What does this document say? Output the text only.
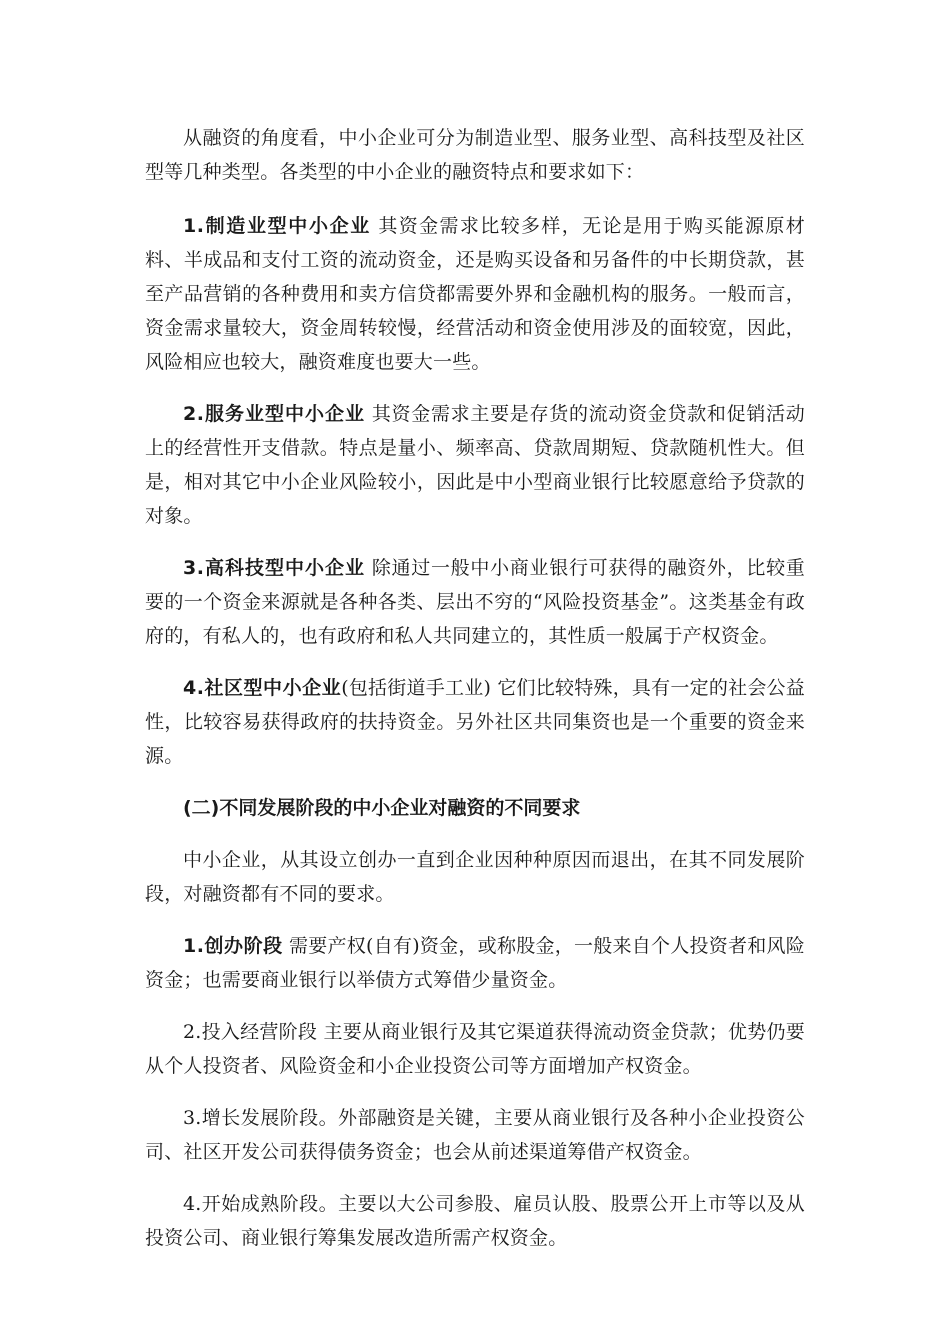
从融资的角度看，中小企业可分为制造业型、服务业型、高科技型及社区型等几种类型。各类型的中小企业的融资特点和要求如下：

1.制造业型中小企业 其资金需求比较多样，无论是用于购买能源原材料、半成品和支付工资的流动资金，还是购买设备和另备件的中长期贷款，甚至产品营销的各种费用和卖方信贷都需要外界和金融机构的服务。一般而言，资金需求量较大，资金周转较慢，经营活动和资金使用涉及的面较宽，因此，风险相应也较大，融资难度也要大一些。

2.服务业型中小企业 其资金需求主要是存货的流动资金贷款和促销活动上的经营性开支借款。特点是量小、频率高、贷款周期短、贷款随机性大。但是，相对其它中小企业风险较小，因此是中小型商业银行比较愿意给予贷款的对象。

3.高科技型中小企业 除通过一般中小商业银行可获得的融资外，比较重要的一个资金来源就是各种各类、层出不穷的“风险投资基金”。这类基金有政府的，有私人的，也有政府和私人共同建立的，其性质一般属于产权资金。

4.社区型中小企业(包括街道手工业) 它们比较特殊，具有一定的社会公益性，比较容易获得政府的扶持资金。另外社区共同集资也是一个重要的资金来源。

(二)不同发展阶段的中小企业对融资的不同要求

中小企业，从其设立创办一直到企业因种种原因而退出，在其不同发展阶段，对融资都有不同的要求。

1.创办阶段 需要产权(自有)资金，或称股金，一般来自个人投资者和风险资金；也需要商业银行以举债方式筹借少量资金。

2.投入经营阶段 主要从商业银行及其它渠道获得流动资金贷款；优势仍要从个人投资者、风险资金和小企业投资公司等方面增加产权资金。

3.增长发展阶段。外部融资是关键，主要从商业银行及各种小企业投资公司、社区开发公司获得债务资金；也会从前述渠道筹借产权资金。

4.开始成熟阶段。主要以大公司参股、雇员认股、股票公开上市等以及从投资公司、商业银行筹集发展改造所需产权资金。
